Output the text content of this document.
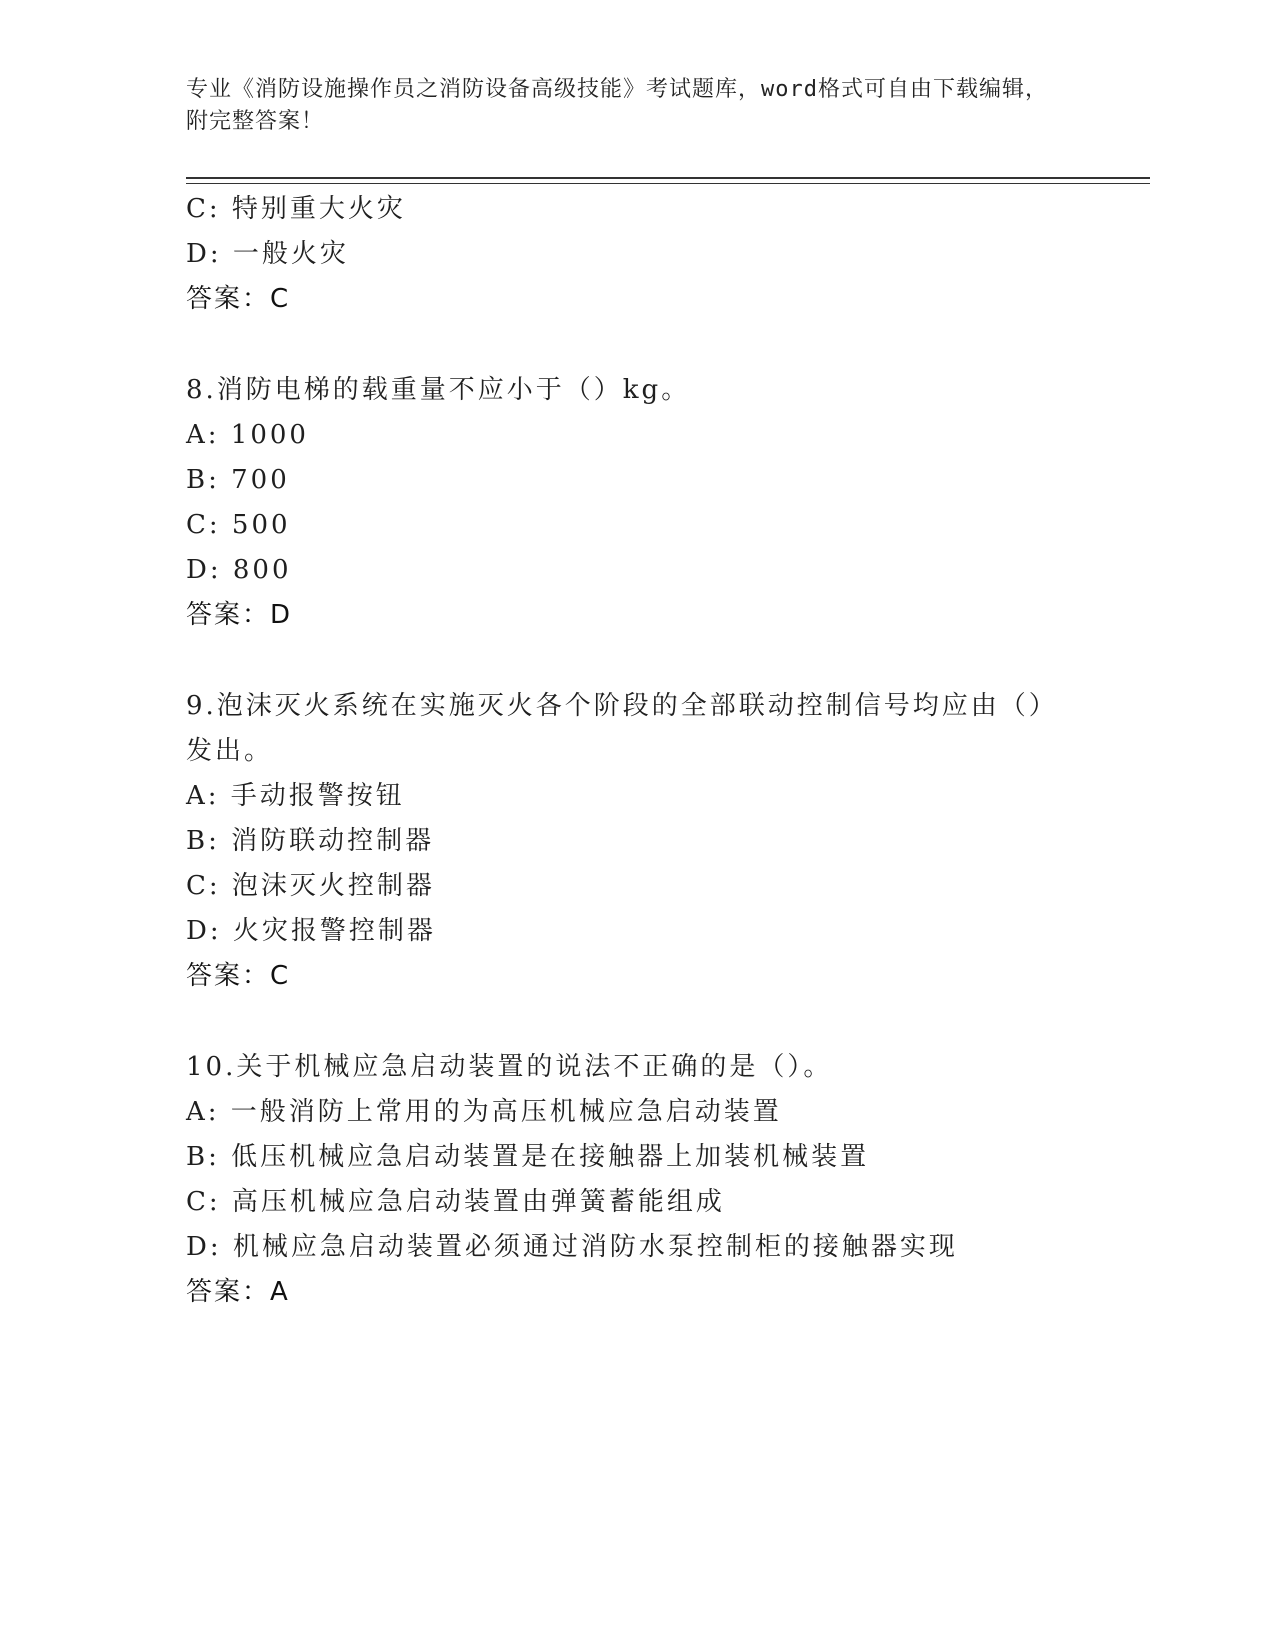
专业《消防设施操作员之消防设备高级技能》考试题库，word格式可自由下载编辑，附完整答案！
C: 特别重大火灾
D: 一般火灾
答案：C
8.消防电梯的载重量不应小于（）kg。
A: 1000
B: 700
C: 500
D: 800
答案：D
9.泡沫灭火系统在实施灭火各个阶段的全部联动控制信号均应由（）
发出。
A: 手动报警按钮
B: 消防联动控制器
C: 泡沫灭火控制器
D: 火灾报警控制器
答案：C
10.关于机械应急启动装置的说法不正确的是（）。
A: 一般消防上常用的为高压机械应急启动装置
B: 低压机械应急启动装置是在接触器上加装机械装置
C: 高压机械应急启动装置由弹簧蓄能组成
D: 机械应急启动装置必须通过消防水泵控制柜的接触器实现
答案：A
